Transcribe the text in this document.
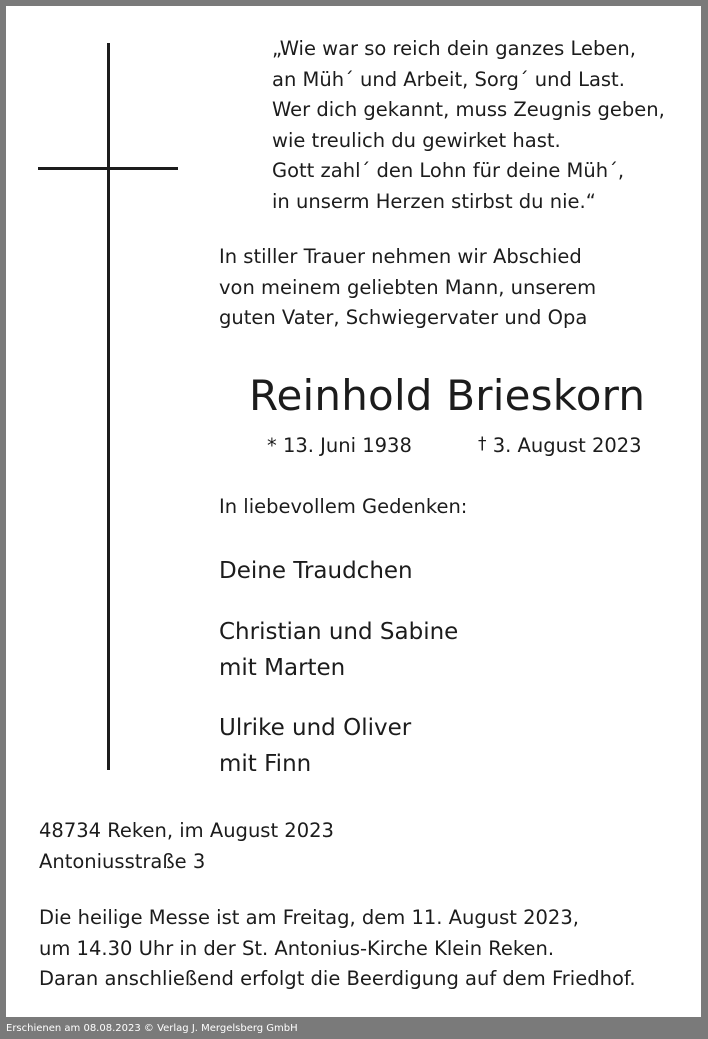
„Wie war so reich dein ganzes Leben,
an Müh´ und Arbeit, Sorg´ und Last.
Wer dich gekannt, muss Zeugnis geben,
wie treulich du gewirket hast.
Gott zahl´ den Lohn für deine Müh´,
in unserm Herzen stirbst du nie.“
In stiller Trauer nehmen wir Abschied
von meinem geliebten Mann, unserem
guten Vater, Schwiegervater und Opa
Reinhold Brieskorn
* 13. Juni 1938	† 3. August 2023
In liebevollem Gedenken:
Deine Traudchen
Christian und Sabine
mit Marten
Ulrike und Oliver
mit Finn
48734 Reken, im August 2023
Antoniusstraße 3
Die heilige Messe ist am Freitag, dem 11. August 2023,
um 14.30 Uhr in der St. Antonius-Kirche Klein Reken.
Daran anschließend erfolgt die Beerdigung auf dem Friedhof.
Erschienen am 08.08.2023 © Verlag J. Mergelsberg GmbH
